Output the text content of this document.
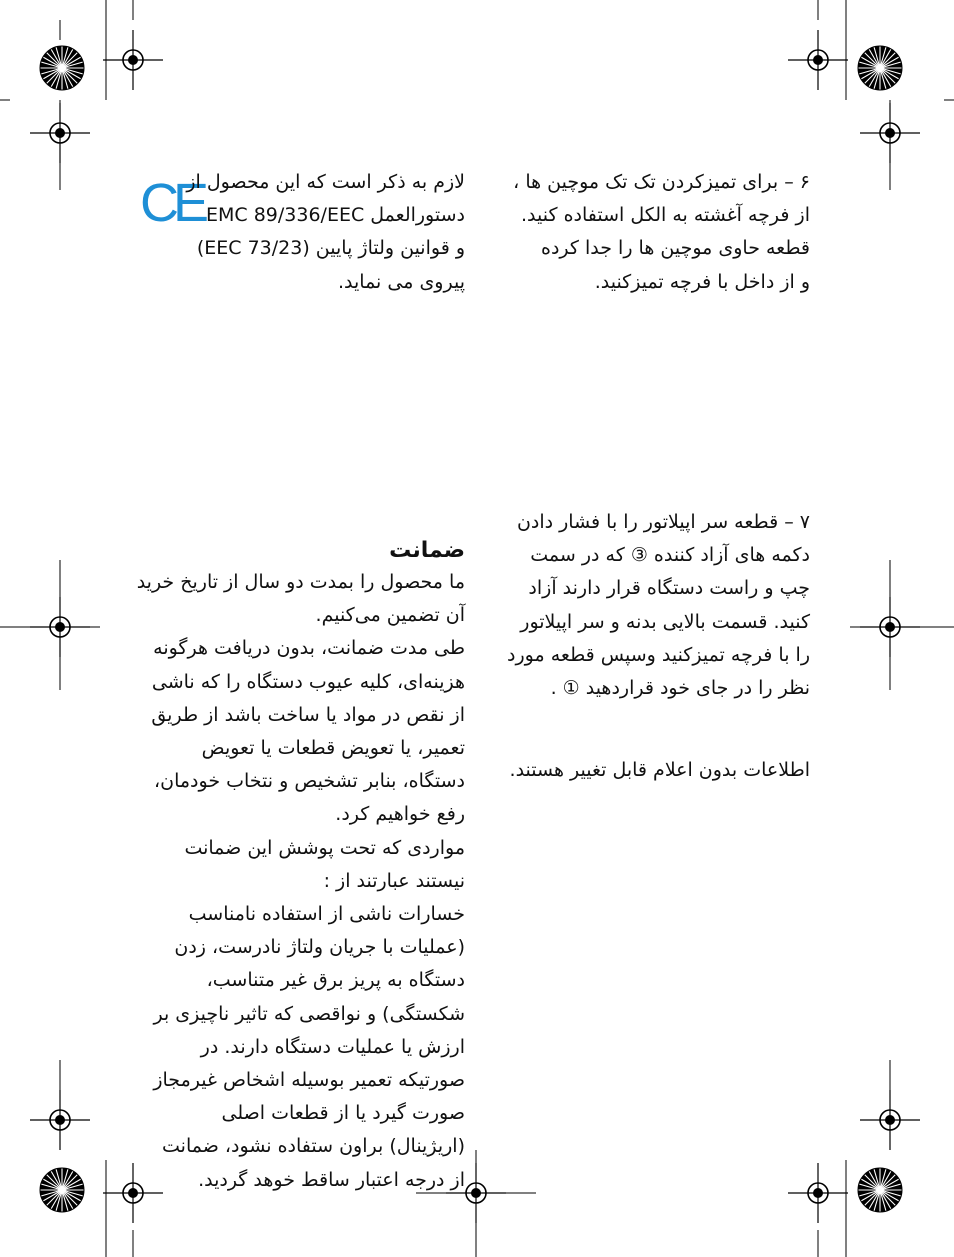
۶ – برای تمیزکردن تک تک موچین ها ،
از فرچه آغشته به الکل استفاده کنید.
قطعه حاوی موچین ها را جدا کرده
و از داخل با فرچه تمیزکنید.
۷ – قطعه سر اپیلاتور را با فشار دادن
دکمه های آزاد کننده ③ که در سمت
چپ و راست دستگاه قرار دارند آزاد
کنید. قسمت بالایی بدنه و سر اپیلاتور
را با فرچه تمیزکنید وسپس قطعه مورد
نظر را در جای خود قراردهید ① .
اطلاعات بدون اعلام قابل تغییر هستند.
CE
لازم به ذکر است که این محصول از
دستورالعمل EMC 89/336/EEC
و قوانین ولتاژ پایین (73/23 EEC)
پیروی می نماید.
ضمانت
ما محصول را بمدت دو سال از تاریخ خرید
آن تضمین می‌کنیم.
طی مدت ضمانت، بدون دریافت هرگونه
هزینه‌ای، کلیه عیوب دستگاه را که ناشی
از نقص در مواد یا ساخت باشد از طریق
تعمیر، یا تعویض قطعات یا تعویض
دستگاه، بنابر تشخیص و نتخاب خودمان،
رفع خواهیم کرد.
مواردی که تحت پوشش این ضمانت
نیستند عبارتند از :
خسارات ناشی از استفاده نامناسب
(عملیات با جریان ولتاژ نادرست، زدن
دستگاه به پریز برق غیر متناسب،
شکستگی) و نواقصی که تاثیر ناچیزی بر
ارزش یا عملیات دستگاه دارند. در
صورتیکه تعمیر بوسیله اشخاص غیرمجاز
صورت گیرد یا از قطعات اصلی
(اریژینال) براون ستفاده نشود، ضمانت
از درجه اعتبار ساقط خوهد گردید.
